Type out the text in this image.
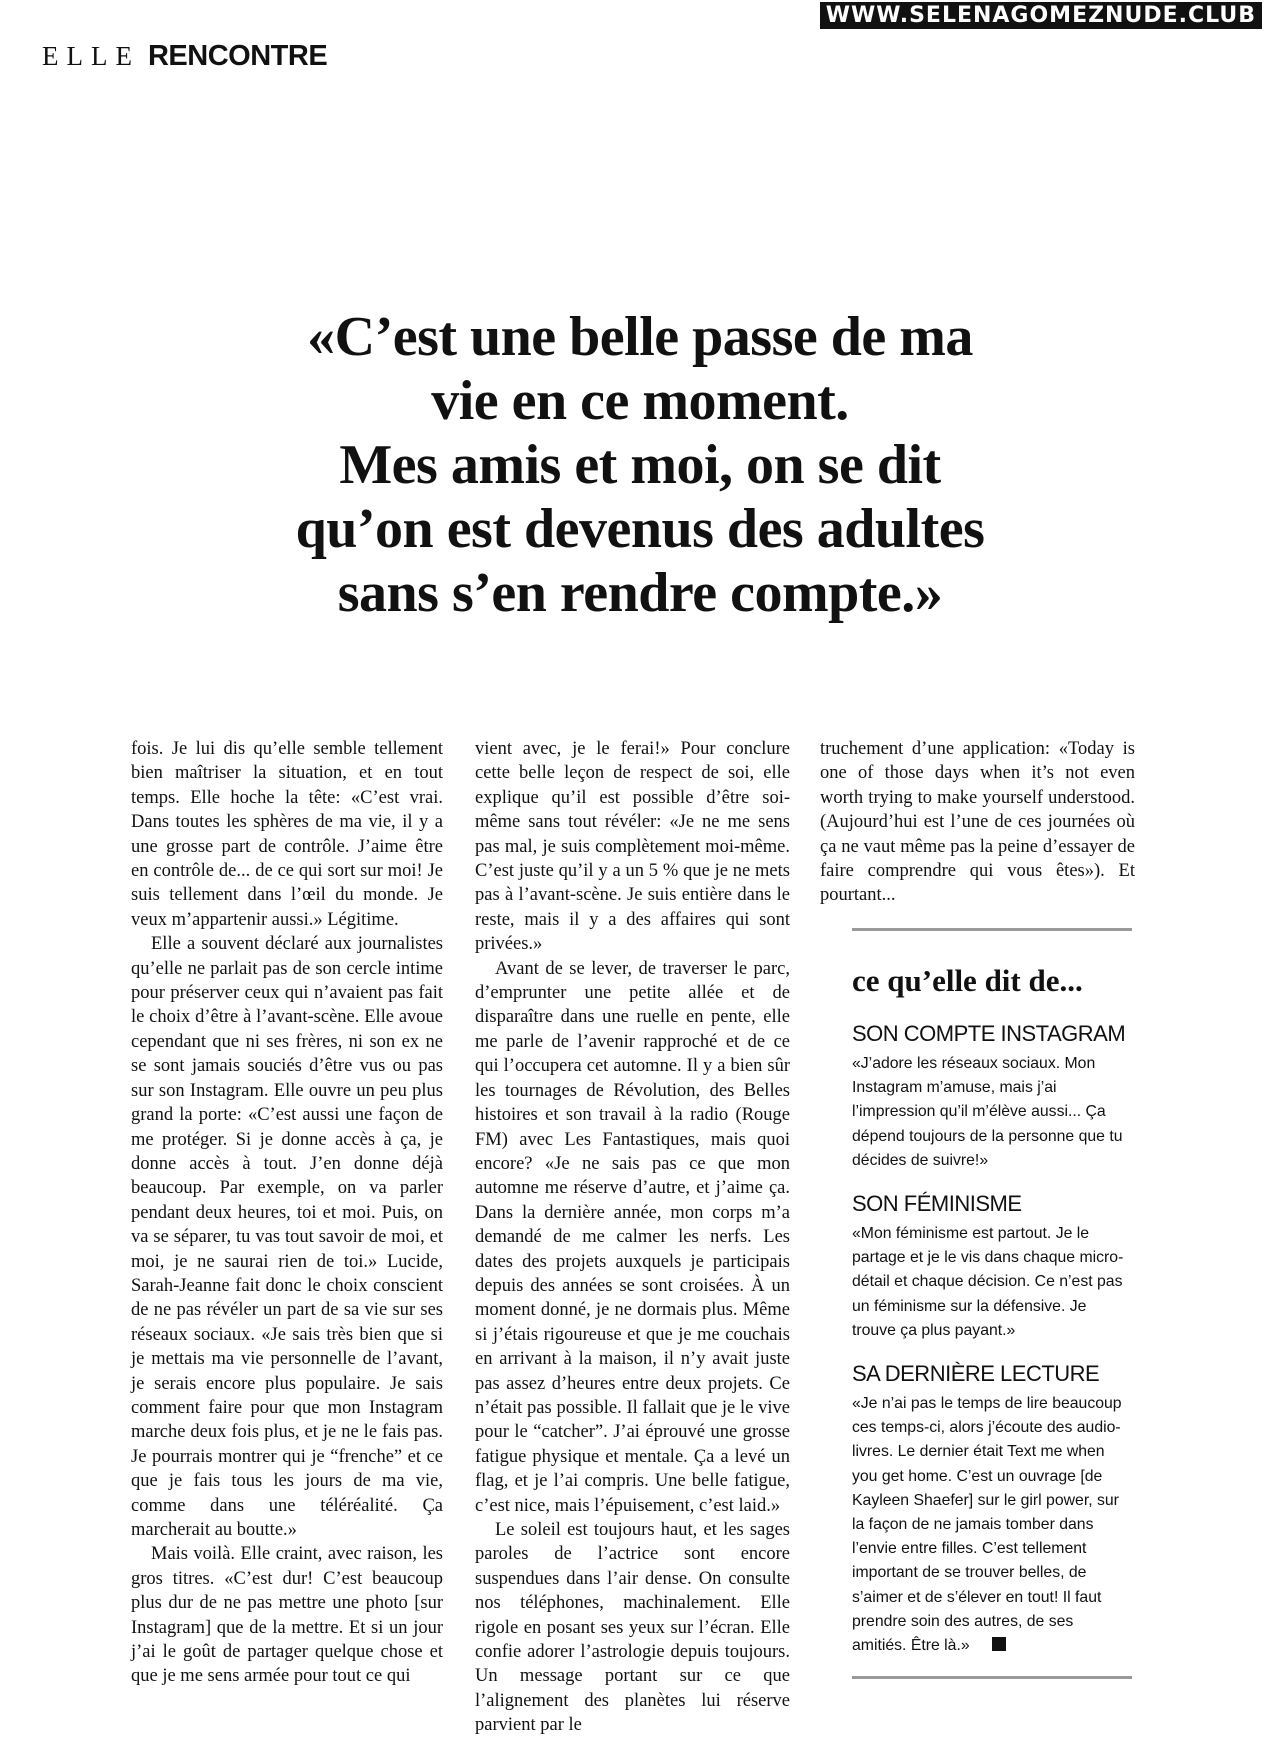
WWW.SELENAGOMEZNUDE.CLUB
ELLE RENCONTRE
«C’est une belle passe de ma
vie en ce moment.
Mes amis et moi, on se dit
qu’on est devenus des adultes
sans s’en rendre compte.»

fois. Je lui dis qu’elle semble tellement bien maîtriser la situation, et en tout temps. Elle hoche la tête: «C’est vrai. Dans toutes les sphères de ma vie, il y a une grosse part de contrôle. J’aime être en contrôle de... de ce qui sort sur moi! Je suis tellement dans l’œil du monde. Je veux m’appartenir aussi.» Légitime.

Elle a souvent déclaré aux journalistes qu’elle ne parlait pas de son cercle intime pour préserver ceux qui n’avaient pas fait le choix d’être à l’avant-scène. Elle avoue cependant que ni ses frères, ni son ex ne se sont jamais souciés d’être vus ou pas sur son Instagram. Elle ouvre un peu plus grand la porte: «C’est aussi une façon de me protéger. Si je donne accès à ça, je donne accès à tout. J’en donne déjà beaucoup. Par exemple, on va parler pendant deux heures, toi et moi. Puis, on va se séparer, tu vas tout savoir de moi, et moi, je ne saurai rien de toi.» Lucide, Sarah-Jeanne fait donc le choix conscient de ne pas révéler un part de sa vie sur ses réseaux sociaux. «Je sais très bien que si je mettais ma vie personnelle de l’avant, je serais encore plus populaire. Je sais comment faire pour que mon Instagram marche deux fois plus, et je ne le fais pas. Je pourrais montrer qui je “frenche” et ce que je fais tous les jours de ma vie, comme dans une téléréalité. Ça marcherait au boutte.»

Mais voilà. Elle craint, avec raison, les gros titres. «C’est dur! C’est beaucoup plus dur de ne pas mettre une photo [sur Instagram] que de la mettre. Et si un jour j’ai le goût de partager quelque chose et que je me sens armée pour tout ce qui

vient avec, je le ferai!» Pour conclure cette belle leçon de respect de soi, elle explique qu’il est possible d’être soi-même sans tout révéler: «Je ne me sens pas mal, je suis complètement moi-même. C’est juste qu’il y a un 5 % que je ne mets pas à l’avant-scène. Je suis entière dans le reste, mais il y a des affaires qui sont privées.»

Avant de se lever, de traverser le parc, d’emprunter une petite allée et de disparaître dans une ruelle en pente, elle me parle de l’avenir rapproché et de ce qui l’occupera cet automne. Il y a bien sûr les tournages de Révolution, des Belles histoires et son travail à la radio (Rouge FM) avec Les Fantastiques, mais quoi encore? «Je ne sais pas ce que mon automne me réserve d’autre, et j’aime ça. Dans la dernière année, mon corps m’a demandé de me calmer les nerfs. Les dates des projets auxquels je participais depuis des années se sont croisées. À un moment donné, je ne dormais plus. Même si j’étais rigoureuse et que je me couchais en arrivant à la maison, il n’y avait juste pas assez d’heures entre deux projets. Ce n’était pas possible. Il fallait que je le vive pour le “catcher”. J’ai éprouvé une grosse fatigue physique et mentale. Ça a levé un flag, et je l’ai compris. Une belle fatigue, c’est nice, mais l’épuisement, c’est laid.»

Le soleil est toujours haut, et les sages paroles de l’actrice sont encore suspendues dans l’air dense. On consulte nos téléphones, machinalement. Elle rigole en posant ses yeux sur l’écran. Elle confie adorer l’astrologie depuis toujours. Un message portant sur ce que l’alignement des planètes lui réserve parvient par le

truchement d’une application: «Today is one of those days when it’s not even worth trying to make yourself understood. (Aujourd’hui est l’une de ces journées où ça ne vaut même pas la peine d’essayer de faire comprendre qui vous êtes»). Et pourtant...

ce qu’elle dit de...
SON COMPTE INSTAGRAM
«J’adore les réseaux sociaux. Mon Instagram m’amuse, mais j’ai l’impression qu’il m’élève aussi... Ça dépend toujours de la personne que tu décides de suivre!»
SON FÉMINISME
«Mon féminisme est partout. Je le partage et je le vis dans chaque micro-détail et chaque décision. Ce n’est pas un féminisme sur la défensive. Je trouve ça plus payant.»
SA DERNIÈRE LECTURE
«Je n’ai pas le temps de lire beaucoup ces temps-ci, alors j’écoute des audio-livres. Le dernier était Text me when you get home. C’est un ouvrage [de Kayleen Shaefer] sur le girl power, sur la façon de ne jamais tomber dans l’envie entre filles. C’est tellement important de se trouver belles, de s’aimer et de s’élever en tout! Il faut prendre soin des autres, de ses amitiés. Être là.»
